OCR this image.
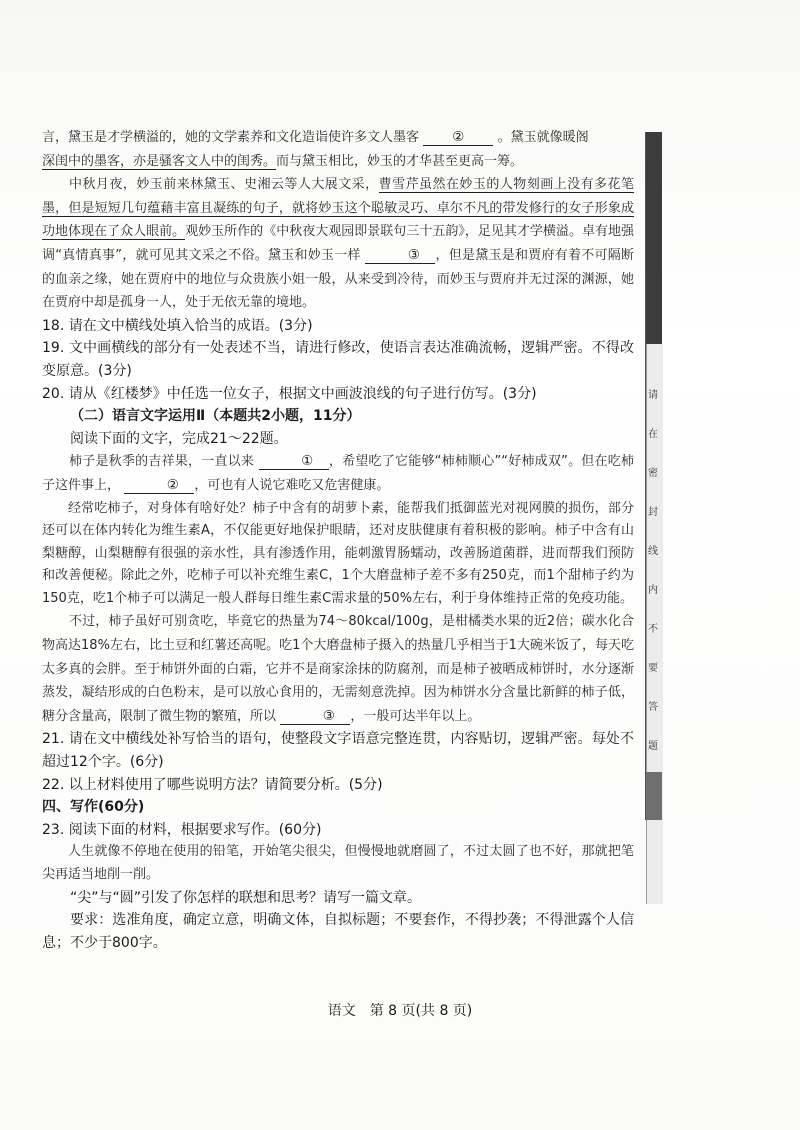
言，黛玉是才学横溢的，她的文学素养和文化造诣使许多文人墨客 ②	。黛玉就像暖阁

深闺中的墨客，亦是骚客文人中的闺秀。而与黛玉相比，妙玉的才华甚至更高一筹。

中秋月夜，妙玉前来林黛玉、史湘云等人大展文采，曹雪芹虽然在妙玉的人物刻画上没有多花笔墨，但是短短几句蕴藉丰富且凝练的句子，就将妙玉这个聪敏灵巧、卓尔不凡的带发修行的女子形象成功地体现在了众人眼前。观妙玉所作的《中秋夜大观园即景联句三十五韵》，足见其才学横溢。卓有地强调“真情真事”，就可见其文采之不俗。黛玉和妙玉一样	③ ，但是黛玉是和贾府有着不可隔断的血亲之缘，她在贾府中的地位与众贵族小姐一般，从来受到冷待，而妙玉与贾府并无过深的渊源，她在贾府中却是孤身一人，处于无依无靠的境地。

18. 请在文中横线处填入恰当的成语。(3分)

19. 文中画横线的部分有一处表述不当，请进行修改，使语言表达准确流畅，逻辑严密。不得改变原意。(3分)

20. 请从《红楼梦》中任选一位女子，根据文中画波浪线的句子进行仿写。(3分)

（二）语言文字运用Ⅱ（本题共2小题，11分）

阅读下面的文字，完成21～22题。

柿子是秋季的吉祥果，一直以来	① ，希望吃了它能够“柿柿顺心”“好柿成双”。但在吃柿子这件事上，	② ，可也有人说它难吃又危害健康。

经常吃柿子，对身体有啥好处？柿子中含有的胡萝卜素，能帮我们抵御蓝光对视网膜的损伤，部分还可以在体内转化为维生素A，不仅能更好地保护眼睛，还对皮肤健康有着积极的影响。柿子中含有山梨糖醇，山梨糖醇有很强的亲水性，具有渗透作用，能刺激胃肠蠕动，改善肠道菌群，进而帮我们预防和改善便秘。除此之外，吃柿子可以补充维生素C，1个大磨盘柿子差不多有250克，而1个甜柿子约为150克，吃1个柿子可以满足一般人群每日维生素C需求量的50%左右，利于身体维持正常的免疫功能。

不过，柿子虽好可别贪吃，毕竟它的热量为74～80kcal/100g，是柑橘类水果的近2倍；碳水化合物高达18%左右，比土豆和红薯还高呢。吃1个大磨盘柿子摄入的热量几乎相当于1大碗米饭了，每天吃太多真的会胖。至于柿饼外面的白霜，它并不是商家涂抹的防腐剂，而是柿子被晒成柿饼时，水分逐渐蒸发，凝结形成的白色粉末，是可以放心食用的，无需刻意洗掉。因为柿饼水分含量比新鲜的柿子低，糖分含量高，限制了微生物的繁殖，所以	③ ，一般可达半年以上。

21. 请在文中横线处补写恰当的语句，使整段文字语意完整连贯，内容贴切，逻辑严密。每处不超过12个字。(6分)

22. 以上材料使用了哪些说明方法？请简要分析。(5分)

四、写作(60分)

23. 阅读下面的材料，根据要求写作。(60分)

人生就像不停地在使用的铅笔，开始笔尖很尖，但慢慢地就磨圆了，不过太圆了也不好，那就把笔尖再适当地削一削。

“尖”与“圆”引发了你怎样的联想和思考？请写一篇文章。

要求：选准角度，确定立意，明确文体，自拟标题；不要套作，不得抄袭；不得泄露个人信息；不少于800字。

语文　第 8 页(共 8 页)
请
在
密
封
线
内
不
要
答
题
